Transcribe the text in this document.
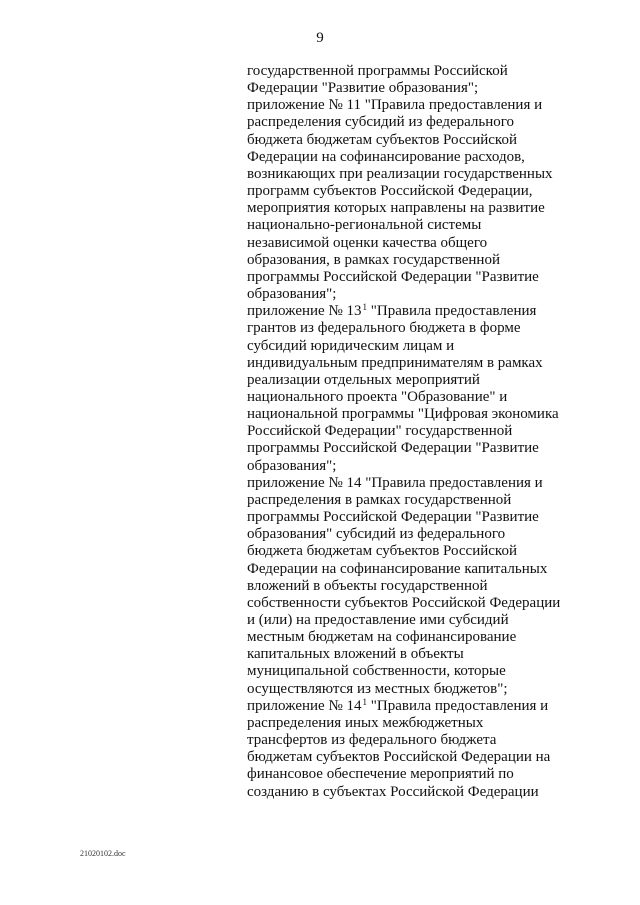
9
государственной программы Российской
Федерации "Развитие образования";
приложение № 11 "Правила предоставления и
распределения субсидий из федерального
бюджета бюджетам субъектов Российской
Федерации на софинансирование расходов,
возникающих при реализации государственных
программ субъектов Российской Федерации,
мероприятия которых направлены на развитие
национально-региональной системы
независимой оценки качества общего
образования, в рамках государственной
программы Российской Федерации "Развитие
образования";
приложение № $13^1$ "Правила предоставления
грантов из федерального бюджета в форме
субсидий юридическим лицам и
индивидуальным предпринимателям в рамках
реализации отдельных мероприятий
национального проекта "Образование" и
национальной программы "Цифровая экономика
Российской Федерации" государственной
программы Российской Федерации "Развитие
образования";
приложение № 14 "Правила предоставления и
распределения в рамках государственной
программы Российской Федерации "Развитие
образования" субсидий из федерального
бюджета бюджетам субъектов Российской
Федерации на софинансирование капитальных
вложений в объекты государственной
собственности субъектов Российской Федерации
и (или) на предоставление ими субсидий
местным бюджетам на софинансирование
капитальных вложений в объекты
муниципальной собственности, которые
осуществляются из местных бюджетов";
приложение № $14^1$ "Правила предоставления и
распределения иных межбюджетных
трансфертов из федерального бюджета
бюджетам субъектов Российской Федерации на
финансовое обеспечение мероприятий по
созданию в субъектах Российской Федерации
21020102.doc
